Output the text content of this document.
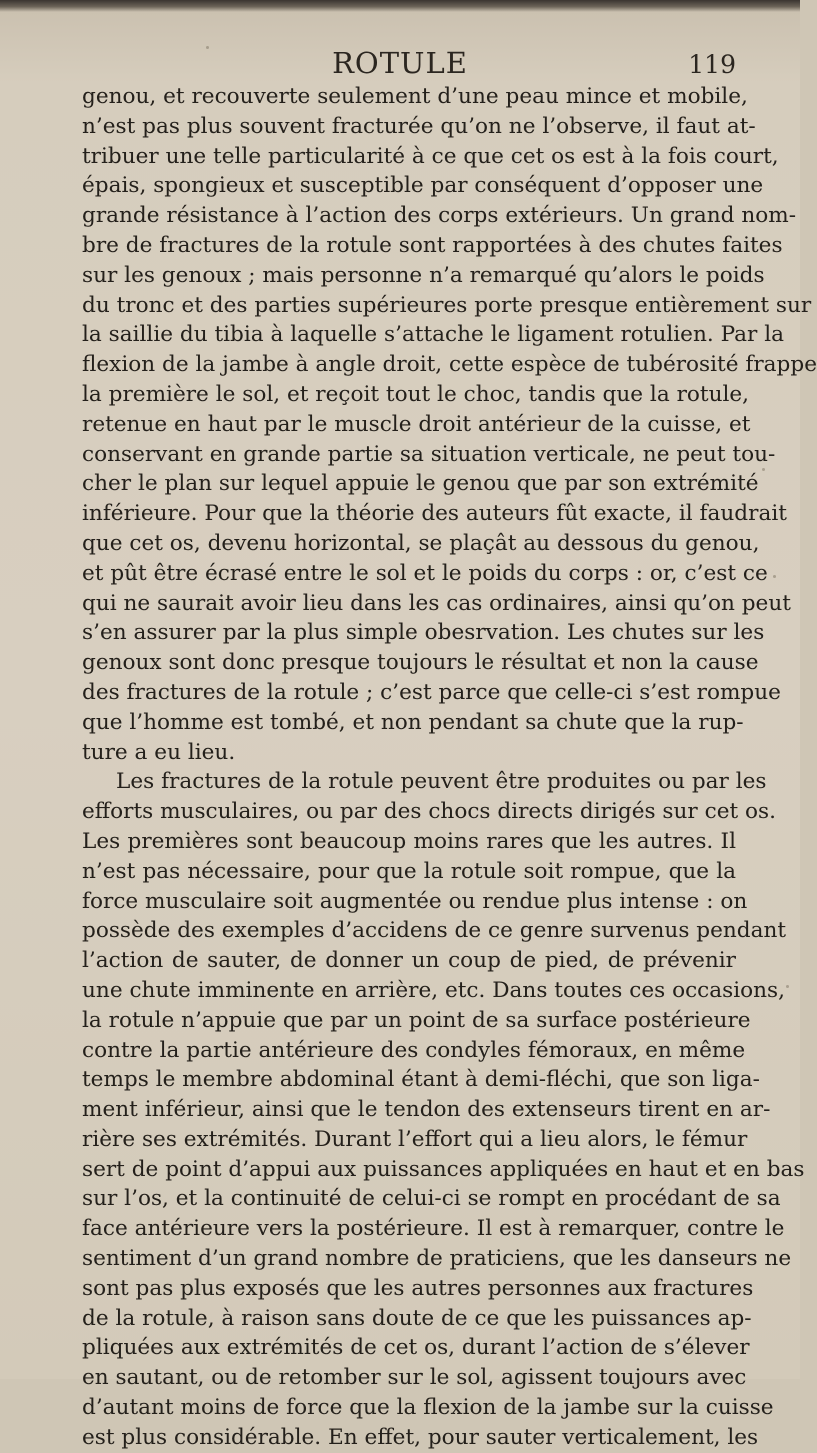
ROTULE	119
genou, et recouverte seulement d’une peau mince et mobile,
n’est pas plus souvent fracturée qu’on ne l’observe, il faut at-
tribuer une telle particularité à ce que cet os est à la fois court,
épais, spongieux et susceptible par conséquent d’opposer une
grande résistance à l’action des corps extérieurs. Un grand nom-
bre de fractures de la rotule sont rapportées à des chutes faites
sur les genoux ; mais personne n’a remarqué qu’alors le poids
du tronc et des parties supérieures porte presque entièrement sur
la saillie du tibia à laquelle s’attache le ligament rotulien. Par la
flexion de la jambe à angle droit, cette espèce de tubérosité frappe
la première le sol, et reçoit tout le choc, tandis que la rotule,
retenue en haut par le muscle droit antérieur de la cuisse, et
conservant en grande partie sa situation verticale, ne peut tou-
cher le plan sur lequel appuie le genou que par son extrémité
inférieure. Pour que la théorie des auteurs fût exacte, il faudrait
que cet os, devenu horizontal, se plaçât au dessous du genou,
et pût être écrasé entre le sol et le poids du corps : or, c’est ce
qui ne saurait avoir lieu dans les cas ordinaires, ainsi qu’on peut
s’en assurer par la plus simple obesrvation. Les chutes sur les
genoux sont donc presque toujours le résultat et non la cause
des fractures de la rotule ; c’est parce que celle-ci s’est rompue
que l’homme est tombé, et non pendant sa chute que la rup-
ture a eu lieu.
Les fractures de la rotule peuvent être produites ou par les
efforts musculaires, ou par des chocs directs dirigés sur cet os.
Les premières sont beaucoup moins rares que les autres. Il
n’est pas nécessaire, pour que la rotule soit rompue, que la
force musculaire soit augmentée ou rendue plus intense : on
possède des exemples d’accidens de ce genre survenus pendant
l’action de sauter, de donner un coup de pied, de prévenir
une chute imminente en arrière, etc. Dans toutes ces occasions,
la rotule n’appuie que par un point de sa surface postérieure
contre la partie antérieure des condyles fémoraux, en même
temps le membre abdominal étant à demi-fléchi, que son liga-
ment inférieur, ainsi que le tendon des extenseurs tirent en ar-
rière ses extrémités. Durant l’effort qui a lieu alors, le fémur
sert de point d’appui aux puissances appliquées en haut et en bas
sur l’os, et la continuité de celui-ci se rompt en procédant de sa
face antérieure vers la postérieure. Il est à remarquer, contre le
sentiment d’un grand nombre de praticiens, que les danseurs ne
sont pas plus exposés que les autres personnes aux fractures
de la rotule, à raison sans doute de ce que les puissances ap-
pliquées aux extrémités de cet os, durant l’action de s’élever
en sautant, ou de retomber sur le sol, agissent toujours avec
d’autant moins de force que la flexion de la jambe sur la cuisse
est plus considérable. En effet, pour sauter verticalement, les
